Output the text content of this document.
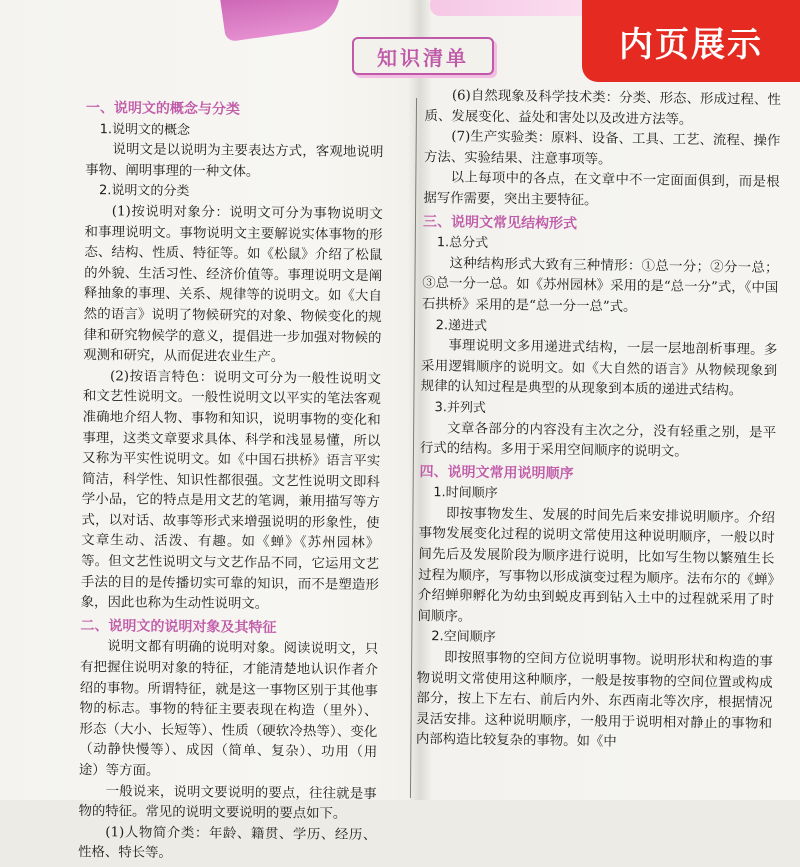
知识清单
一、说明文的概念与分类
1.说明文的概念

说明文是以说明为主要表达方式，客观地说明事物、阐明事理的一种文体。

2.说明文的分类

(1)按说明对象分：说明文可分为事物说明文和事理说明文。事物说明文主要解说实体事物的形态、结构、性质、特征等。如《松鼠》介绍了松鼠的外貌、生活习性、经济价值等。事理说明文是阐释抽象的事理、关系、规律等的说明文。如《大自然的语言》说明了物候研究的对象、物候变化的规律和研究物候学的意义，提倡进一步加强对物候的观测和研究，从而促进农业生产。

(2)按语言特色：说明文可分为一般性说明文和文艺性说明文。一般性说明文以平实的笔法客观准确地介绍人物、事物和知识，说明事物的变化和事理，这类文章要求具体、科学和浅显易懂，所以又称为平实性说明文。如《中国石拱桥》语言平实简洁，科学性、知识性都很强。文艺性说明文即科学小品，它的特点是用文艺的笔调，兼用描写等方式，以对话、故事等形式来增强说明的形象性，使文章生动、活泼、有趣。如《蝉》《苏州园林》等。但文艺性说明文与文艺作品不同，它运用文艺手法的目的是传播切实可靠的知识，而不是塑造形象，因此也称为生动性说明文。

二、说明文的说明对象及其特征

说明文都有明确的说明对象。阅读说明文，只有把握住说明对象的特征，才能清楚地认识作者介绍的事物。所谓特征，就是这一事物区别于其他事物的标志。事物的特征主要表现在构造（里外）、形态（大小、长短等）、性质（硬软冷热等）、变化（动静快慢等）、成因（简单、复杂）、功用（用途）等方面。

一般说来，说明文要说明的要点，往往就是事物的特征。常见的说明文要说明的要点如下。

(1)人物简介类：年龄、籍贯、学历、经历、性格、特长等。

(6)自然现象及科学技术类：分类、形态、形成过程、性质、发展变化、益处和害处以及改进方法等。

(7)生产实验类：原料、设备、工具、工艺、流程、操作方法、实验结果、注意事项等。

以上每项中的各点，在文章中不一定面面俱到，而是根据写作需要，突出主要特征。

三、说明文常见结构形式
1.总分式

这种结构形式大致有三种情形：①总一分；②分一总；③总一分一总。如《苏州园林》采用的是“总一分”式，《中国石拱桥》采用的是“总一分一总”式。

2.递进式

事理说明文多用递进式结构，一层一层地剖析事理。多采用逻辑顺序的说明文。如《大自然的语言》从物候现象到规律的认知过程是典型的从现象到本质的递进式结构。

3.并列式

文章各部分的内容没有主次之分，没有轻重之别，是平行式的结构。多用于采用空间顺序的说明文。

四、说明文常用说明顺序
1.时间顺序

即按事物发生、发展的时间先后来安排说明顺序。介绍事物发展变化过程的说明文常使用这种说明顺序，一般以时间先后及发展阶段为顺序进行说明，比如写生物以繁殖生长过程为顺序，写事物以形成演变过程为顺序。法布尔的《蝉》介绍蝉卵孵化为幼虫到蜕皮再到钻入土中的过程就采用了时间顺序。

2.空间顺序

即按照事物的空间方位说明事物。说明形状和构造的事物说明文常使用这种顺序，一般是按事物的空间位置或构成部分，按上下左右、前后内外、东西南北等次序，根据情况灵活安排。这种说明顺序，一般用于说明相对静止的事物和内部构造比较复杂的事物。如《中

内页展示
